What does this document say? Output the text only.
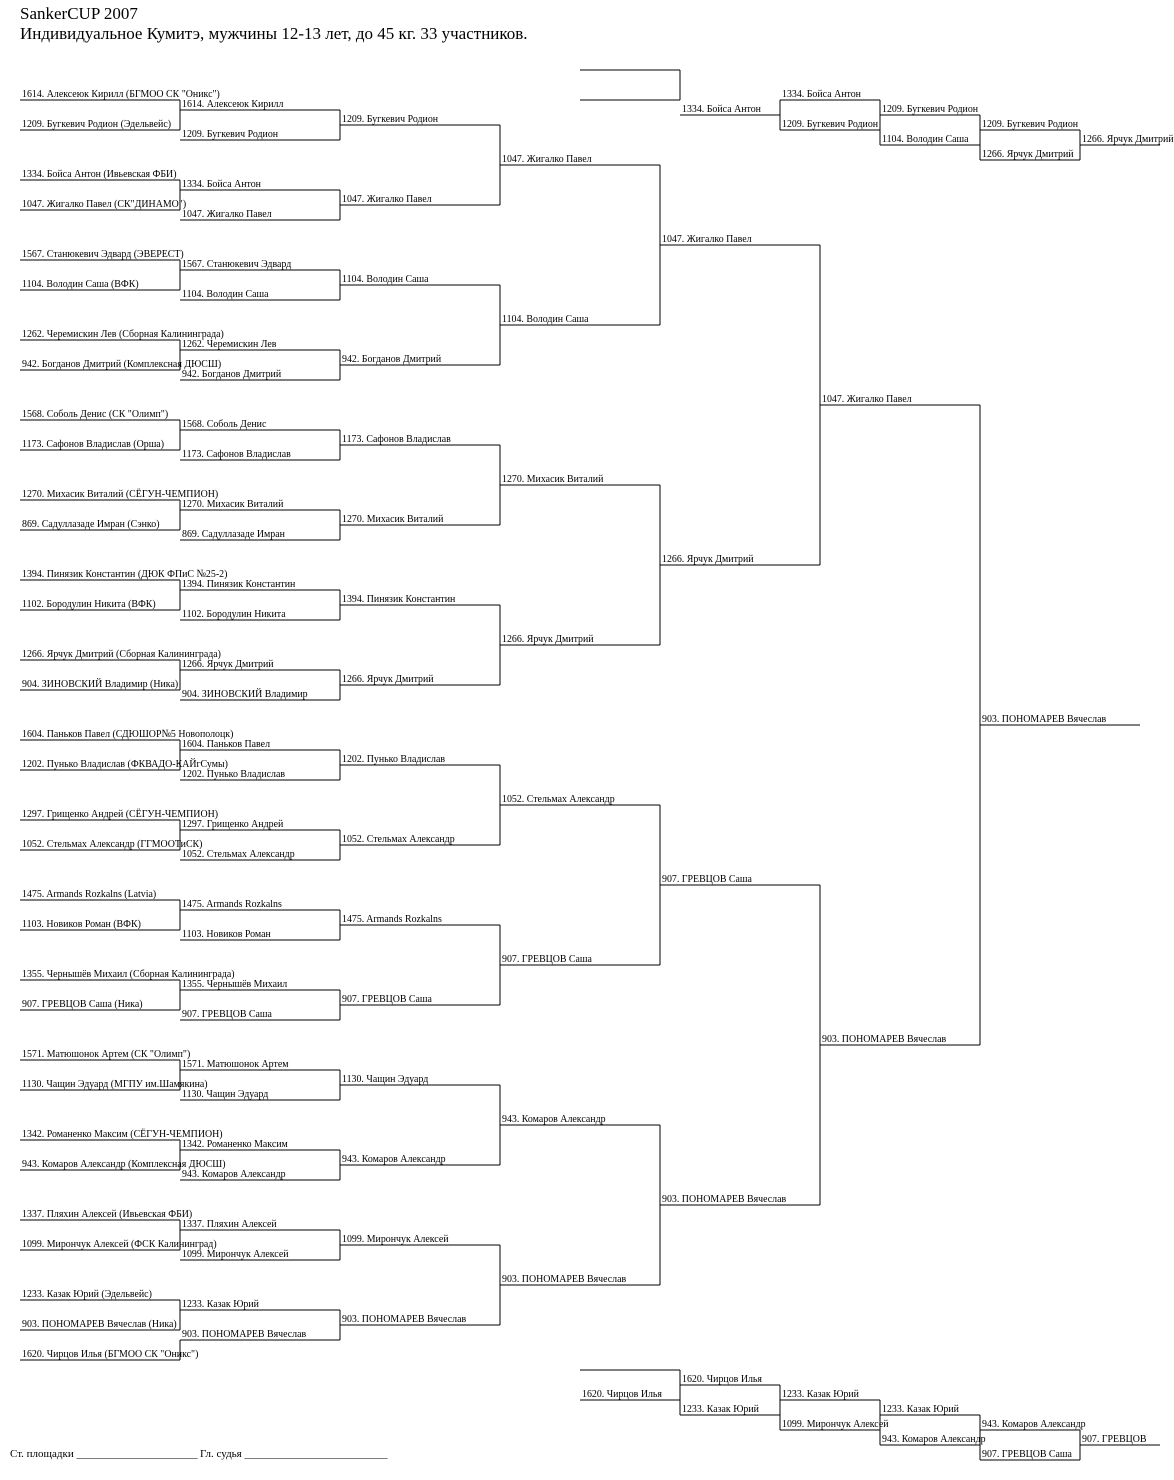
SankerCUP 2007
Индивидуальное Кумитэ, мужчины 12-13 лет, до 45 кг. 33 участников.
1614. Алексеюк Кирилл (БГМОО СК "Оникс")
1209. Бугкевич Родион (Эдельвейс)
1334. Бойса Антон (Ивьевская ФБИ)
1047. Жигалко Павел (СК"ДИНАМО")
1567. Станюкевич Эдвард (ЭВЕРЕСТ)
1104. Володин Саша (ВФК)
1262. Черемискин Лев (Сборная Калининграда)
942. Богданов Дмитрий (Комплексная ДЮСШ)
1568. Соболь Денис (СК "Олимп")
1173. Сафонов Владислав (Орша)
1270. Михасик Виталий (СЁГУН-ЧЕМПИОН)
869. Садуллазаде Имран (Сэнко)
1394. Пинязик Константин (ДЮК ФПиС №25-2)
1102. Бородулин Никита (ВФК)
1266. Ярчук Дмитрий (Сборная Калининграда)
904. ЗИНОВСКИЙ Владимир (Ника)
1604. Паньков Павел (СДЮШОР№5 Новополоцк)
1202. Пунько Владислав (ФКВАДО-КАЙгСумы)
1297. Грищенко Андрей (СЁГУН-ЧЕМПИОН)
1052. Стельмах Александр (ГГМООТиСК)
1475. Armands Rozkalns (Latvia)
1103. Новиков Роман (ВФК)
1355. Чернышёв Михаил (Сборная Калининграда)
907. ГРЕВЦОВ Саша (Ника)
1571. Матюшонок Артем (СК "Олимп")
1130. Чащин Эдуард (МГПУ им.Шамякина)
1342. Романенко Максим (СЁГУН-ЧЕМПИОН)
943. Комаров Александр (Комплексная ДЮСШ)
1337. Пляхин Алексей (Ивьевская ФБИ)
1099. Мирончук Алексей (ФСК Калининград)
1233. Казак Юрий (Эдельвейс)
903. ПОНОМАРЕВ Вячеслав (Ника)
1620. Чирцов Илья (БГМОО СК "Оникс")
1614. Алексеюк Кирилл
1209. Бугкевич Родион
1334. Бойса Антон
1047. Жигалко Павел
1567. Станюкевич Эдвард
1104. Володин Саша
1262. Черемискин Лев
942. Богданов Дмитрий
1568. Соболь Денис
1173. Сафонов Владислав
1270. Михасик Виталий
869. Садуллазаде Имран
1394. Пинязик Константин
1102. Бородулин Никита
1266. Ярчук Дмитрий
904. ЗИНОВСКИЙ Владимир
1604. Паньков Павел
1202. Пунько Владислав
1297. Грищенко Андрей
1052. Стельмах Александр
1475. Armands Rozkalns
1103. Новиков Роман
1355. Чернышёв Михаил
907. ГРЕВЦОВ Саша
1571. Матюшонок Артем
1130. Чащин Эдуард
1342. Романенко Максим
943. Комаров Александр
1337. Пляхин Алексей
1099. Мирончук Алексей
1233. Казак Юрий
903. ПОНОМАРЕВ Вячеслав
1209. Бугкевич Родион
1047. Жигалко Павел
1104. Володин Саша
942. Богданов Дмитрий
1173. Сафонов Владислав
1270. Михасик Виталий
1394. Пинязик Константин
1266. Ярчук Дмитрий
1202. Пунько Владислав
1052. Стельмах Александр
1475. Armands Rozkalns
907. ГРЕВЦОВ Саша
1130. Чащин Эдуард
943. Комаров Александр
1099. Мирончук Алексей
903. ПОНОМАРЕВ Вячеслав
1047. Жигалко Павел
1104. Володин Саша
1270. Михасик Виталий
1266. Ярчук Дмитрий
1052. Стельмах Александр
907. ГРЕВЦОВ Саша
943. Комаров Александр
903. ПОНОМАРЕВ Вячеслав
1047. Жигалко Павел
1266. Ярчук Дмитрий
907. ГРЕВЦОВ Саша
903. ПОНОМАРЕВ Вячеслав
1047. Жигалко Павел
903. ПОНОМАРЕВ Вячеслав
903. ПОНОМАРЕВ Вячеслав
1334. Бойса Антон
1334. Бойса Антон
1209. Бугкевич Родион
1209. Бугкевич Родион
1104. Володин Саша
1209. Бугкевич Родион
1266. Ярчук Дмитрий
1266. Ярчук Дмитрий
1620. Чирцов Илья
1620. Чирцов Илья
1233. Казак Юрий
1233. Казак Юрий
1099. Мирончук Алексей
1233. Казак Юрий
943. Комаров Александр
943. Комаров Александр
907. ГРЕВЦОВ Саша
907. ГРЕВЦОВ
Ст. площадки ______________________ Гл. судья __________________________
